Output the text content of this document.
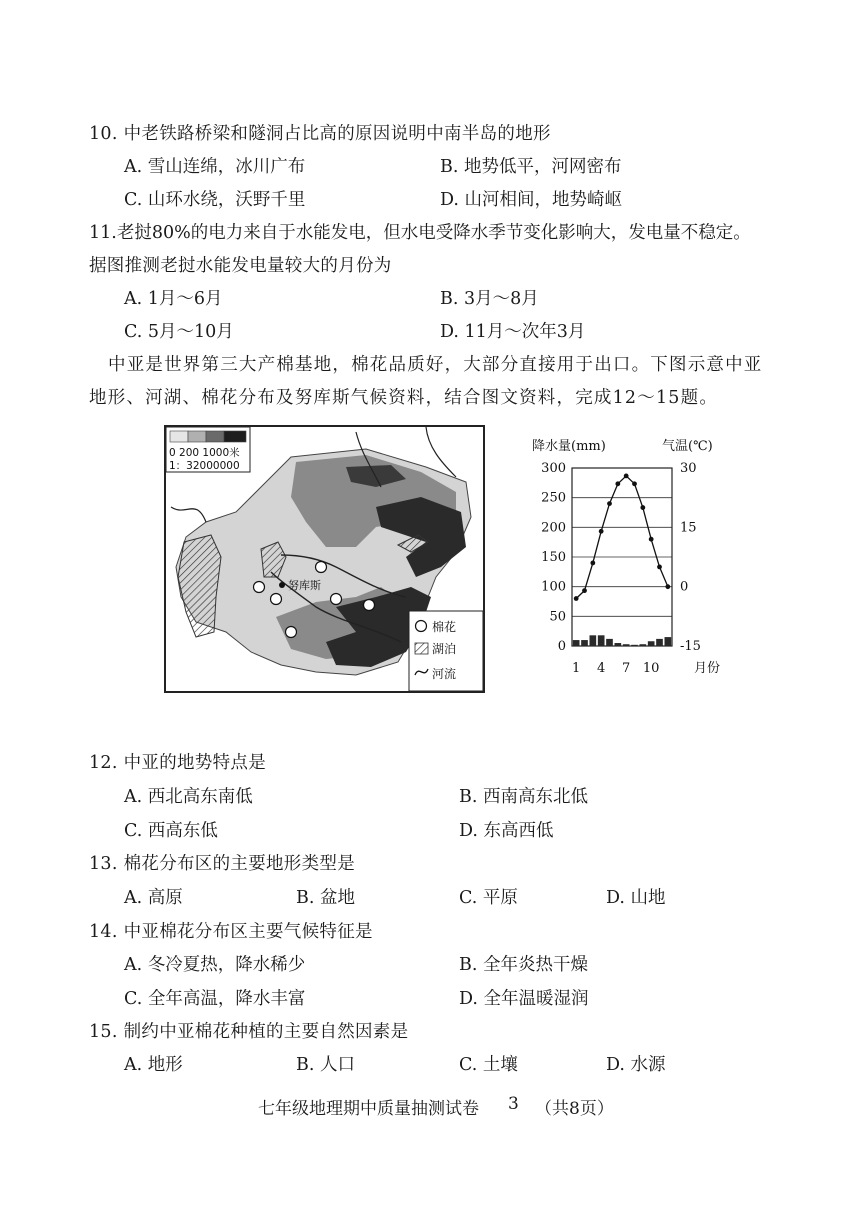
10. 中老铁路桥梁和隧洞占比高的原因说明中南半岛的地形
A. 雪山连绵，冰川广布	B. 地势低平，河网密布
C. 山环水绕，沃野千里	D. 山河相间，地势崎岖
11.老挝80%的电力来自于水能发电，但水电受降水季节变化影响大，发电量不稳定。
据图推测老挝水能发电量较大的月份为
A. 1月～6月	B. 3月～8月
C. 5月～10月	D. 11月～次年3月
中亚是世界第三大产棉基地，棉花品质好，大部分直接用于出口。下图示意中亚
地形、河湖、棉花分布及努库斯气候资料，结合图文资料，完成12～15题。
努库斯
0 200 1000米
1：32000000
棉花
湖泊
河流
降水量(mm)	气温(℃)
300
250
200
150
100
50
0
30
15
0
-15
1 4 7 10	月份
12. 中亚的地势特点是
A. 西北高东南低	B. 西南高东北低
C. 西高东低	D. 东高西低
13. 棉花分布区的主要地形类型是
A. 高原	B. 盆地	C. 平原	D. 山地
14. 中亚棉花分布区主要气候特征是
A. 冬冷夏热，降水稀少	B. 全年炎热干燥
C. 全年高温，降水丰富	D. 全年温暖湿润
15. 制约中亚棉花种植的主要自然因素是
A. 地形	B. 人口	C. 土壤	D. 水源
七年级地理期中质量抽测试卷 3 （共8页）
